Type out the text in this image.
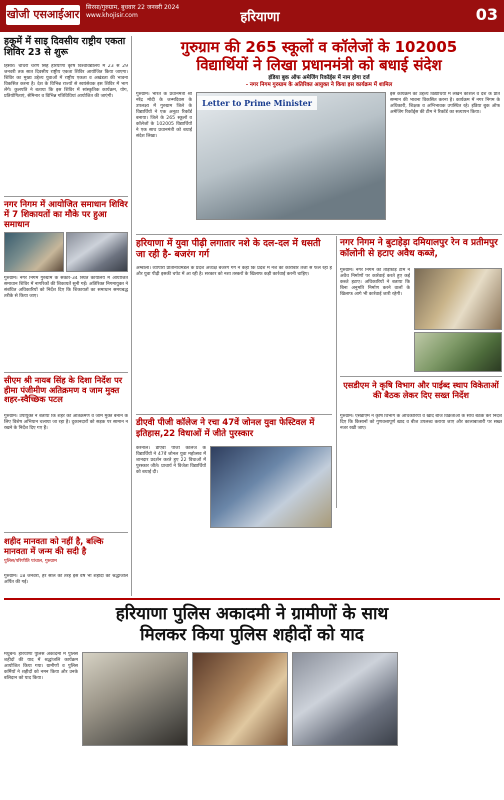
खोजी एसआईआर
सिरसा/गुरुग्राम, बुधवार 22 जनवरी 2024
www.khojisir.com	हरियाणा	03
हकूमें में साइ दिवसीय राष्ट्रीय एकता शिविर 23 से शुरू
हिसार। चौधरी चरण सिंह हरियाणा कृषि विश्वविद्यालय में 23 से 29 जनवरी तक सात दिवसीय राष्ट्रीय एकता शिविर आयोजित किया जाएगा। शिविर का मुख्य उद्देश्य युवाओं में राष्ट्रीय एकता व अखंडता की भावना विकसित करना है। देश के विभिन्न राज्यों से स्वयंसेवक इस शिविर में भाग लेंगे। कुलपति ने बताया कि इस शिविर में सांस्कृतिक कार्यक्रम, योग, प्रतियोगिताएं, सेमिनार व विभिन्न गतिविधियां आयोजित की जाएंगी।
नगर निगम में आयोजित समाधान शिविर में 7 शिकायतों का मौके पर हुआ समाधान
गुरुग्राम। नगर निगम गुरुग्राम के सेक्टर-34 स्थित कार्यालय में आयोजित समाधान शिविर में नागरिकों की शिकायतें सुनी गईं। अतिरिक्त निगमायुक्त ने संबंधित अधिकारियों को निर्देश दिए कि शिकायतों का समाधान समयबद्ध तरीके से किया जाए।
सीएम श्री नायब सिंह के दिशा निर्देश पर हीमा पंजीमीण अतिक्रमण व जाम मुक्त शहर-स्वैच्छिक पटल
गुरुग्राम। उपायुक्त ने बताया कि शहर को अतिक्रमण व जाम मुक्त बनाने के लिए विशेष अभियान चलाया जा रहा है। दुकानदारों को सड़क पर सामान न रखने के निर्देश दिए गए हैं।
शहीद मानवता को नहीं है, बल्कि मानवता में जन्म की सदी है
पुलिस/परिणीति पांचाल, गुरुग्राम
गुरुग्राम। 18 जनवरी, हर साल की तरह इस वर्ष भी शहीदों को श्रद्धांजलि अर्पित की गई।
गुरुग्राम की 265 स्कूलों व कॉलेजों के 102005
विद्यार्थियों ने लिखा प्रधानमंत्री को बधाई संदेश
इंडिया बुक ऑफ अमेजिंग रिकॉर्ड्स में नाम होगा दर्ज
- नगर निगम गुरुग्राम के अतिरिक्त आयुक्त ने किया इस कार्यक्रम में शामिल
गुरुग्राम। भारत के प्रधानमंत्री श्री नरेंद्र मोदी के जन्मदिवस के उपलक्ष्य में गुरुग्राम जिले के विद्यार्थियों ने एक अनूठा रिकॉर्ड बनाया। जिले के 265 स्कूलों व कॉलेजों के 102005 विद्यार्थियों ने एक साथ प्रधानमंत्री को बधाई संदेश लिखा।
Letter to Prime Minister
इस कार्यक्रम का उद्देश्य विद्यार्थियों में लेखन कौशल व देश के प्रति सम्मान की भावना विकसित करना है। कार्यक्रम में नगर निगम के अधिकारी, शिक्षक व अभिभावक उपस्थित रहे। इंडिया बुक ऑफ अमेजिंग रिकॉर्ड्स की टीम ने रिकॉर्ड का सत्यापन किया।
हरियाणा में युवा पीढ़ी लगातार नशे के दल-दल में धसती जा रही है- बजरंग गर्ग
अम्बाला। व्यापारी प्रतिनिधिमंडल के प्रदेश अध्यक्ष बजरंग गर्ग ने कहा कि प्रदेश में नशे का कारोबार तेजी से फैल रहा है और युवा पीढ़ी इसकी चपेट में आ रही है। सरकार को नशा तस्करों के खिलाफ कड़ी कार्रवाई करनी चाहिए।
नगर निगम ने बुटाहेड़ा दमियालपुर रेन व प्रतीमपुर कॉलोनी से हटाए अवैध कब्जे,
गुरुग्राम। नगर निगम की तोड़फोड़ टीम ने अवैध निर्माणों पर कार्रवाई करते हुए कई कब्जे हटाए। अधिकारियों ने बताया कि बिना अनुमति निर्माण करने वालों के खिलाफ आगे भी कार्रवाई जारी रहेगी।
डीएवी पीजी कॉलेज ने रचा 47वें जोनल युवा फेस्टिवल में इतिहास,22 विधाओं में जीते पुरस्कार
करनाल। डीएवी पीजी कॉलेज के विद्यार्थियों ने 47वें जोनल युवा महोत्सव में शानदार प्रदर्शन करते हुए 22 विधाओं में पुरस्कार जीते। प्राचार्य ने विजेता विद्यार्थियों को बधाई दी।
एसडीएम ने कृषि विभाग और पाईब्द स्थाप विकेताओं की बैठक लेकर दिए सख्त निर्देश
गुरुग्राम। एसडीएम ने कृषि विभाग के अधिकारियों व खाद बीज विक्रेताओं के साथ बैठक कर निर्देश दिए कि किसानों को गुणवत्तापूर्ण खाद व बीज उपलब्ध कराया जाए और कालाबाजारी पर सख्त नजर रखी जाए।
हरियाणा पुलिस अकादमी ने ग्रामीणों के साथ
मिलकर किया पुलिस शहीदों को याद
मधुबन। हरियाणा पुलिस अकादमी में पुलिस शहीदों की याद में श्रद्धांजलि कार्यक्रम आयोजित किया गया। ग्रामीणों व पुलिस कर्मियों ने शहीदों को नमन किया और उनके बलिदान को याद किया।
